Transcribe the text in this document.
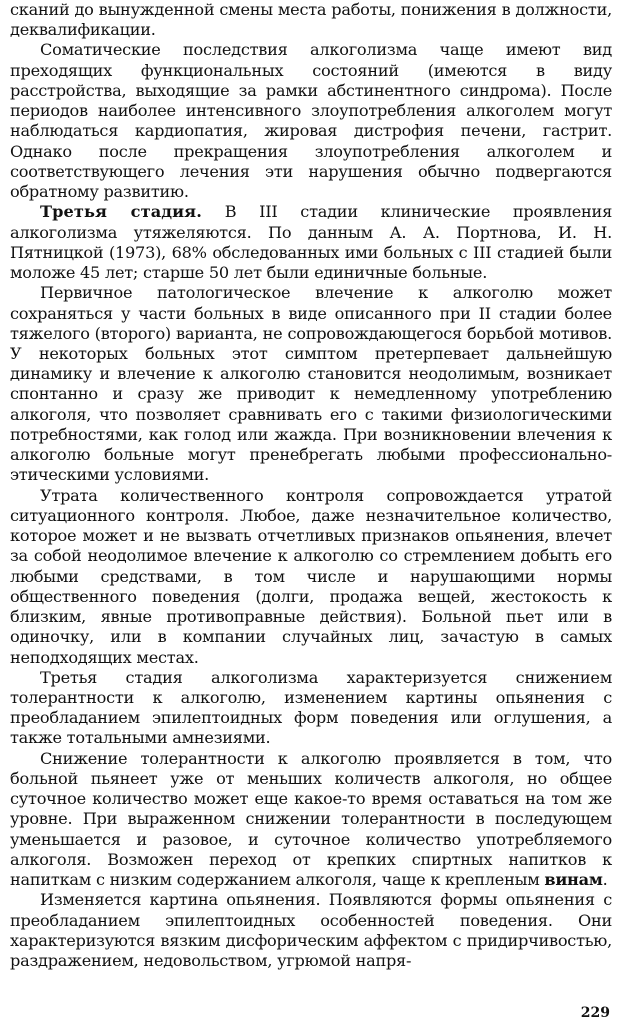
сканий до вынужденной смены места работы, понижения в должности, деквалификации.

Соматические последствия алкоголизма чаще имеют вид преходящих функциональных состояний (имеются в виду расстройства, выходящие за рамки абстинентного синдрома). После периодов наиболее интенсивного злоупотребления алкоголем могут наблюдаться кардиопатия, жировая дистрофия печени, гастрит. Однако после прекращения злоупотребления алкоголем и соответствующего лечения эти нарушения обычно подвергаются обратному развитию.

Третья стадия. В III стадии клинические проявления алкоголизма утяжеляются. По данным А. А. Портнова, И. Н. Пятницкой (1973), 68% обследованных ими больных с III стадией были моложе 45 лет; старше 50 лет были единичные больные.

Первичное патологическое влечение к алкоголю может сохраняться у части больных в виде описанного при II стадии более тяжелого (второго) варианта, не сопровождающегося борьбой мотивов. У некоторых больных этот симптом претерпевает дальнейшую динамику и влечение к алкоголю становится неодолимым, возникает спонтанно и сразу же приводит к немедленному употреблению алкоголя, что позволяет сравнивать его с такими физиологическими потребностями, как голод или жажда. При возникновении влечения к алкоголю больные могут пренебрегать любыми профессионально-этическими условиями.

Утрата количественного контроля сопровождается утратой ситуационного контроля. Любое, даже незначительное количество, которое может и не вызвать отчетливых признаков опьянения, влечет за собой неодолимое влечение к алкоголю со стремлением добыть его любыми средствами, в том числе и нарушающими нормы общественного поведения (долги, продажа вещей, жестокость к близким, явные противоправные действия). Больной пьет или в одиночку, или в компании случайных лиц, зачастую в самых неподходящих местах.

Третья стадия алкоголизма характеризуется снижением толерантности к алкоголю, изменением картины опьянения с преобладанием эпилептоидных форм поведения или оглушения, а также тотальными амнезиями.

Снижение толерантности к алкоголю проявляется в том, что больной пьянеет уже от меньших количеств алкоголя, но общее суточное количество может еще какое-то время оставаться на том же уровне. При выраженном снижении толерантности в последующем уменьшается и разовое, и суточное количество употребляемого алкоголя. Возможен переход от крепких спиртных напитков к напиткам с низким содержанием алкоголя, чаще к крепленым винам.

Изменяется картина опьянения. Появляются формы опьянения с преобладанием эпилептоидных особенностей поведения. Они характеризуются вязким дисфорическим аффектом с придирчивостью, раздражением, недовольством, угрюмой напря-

229
